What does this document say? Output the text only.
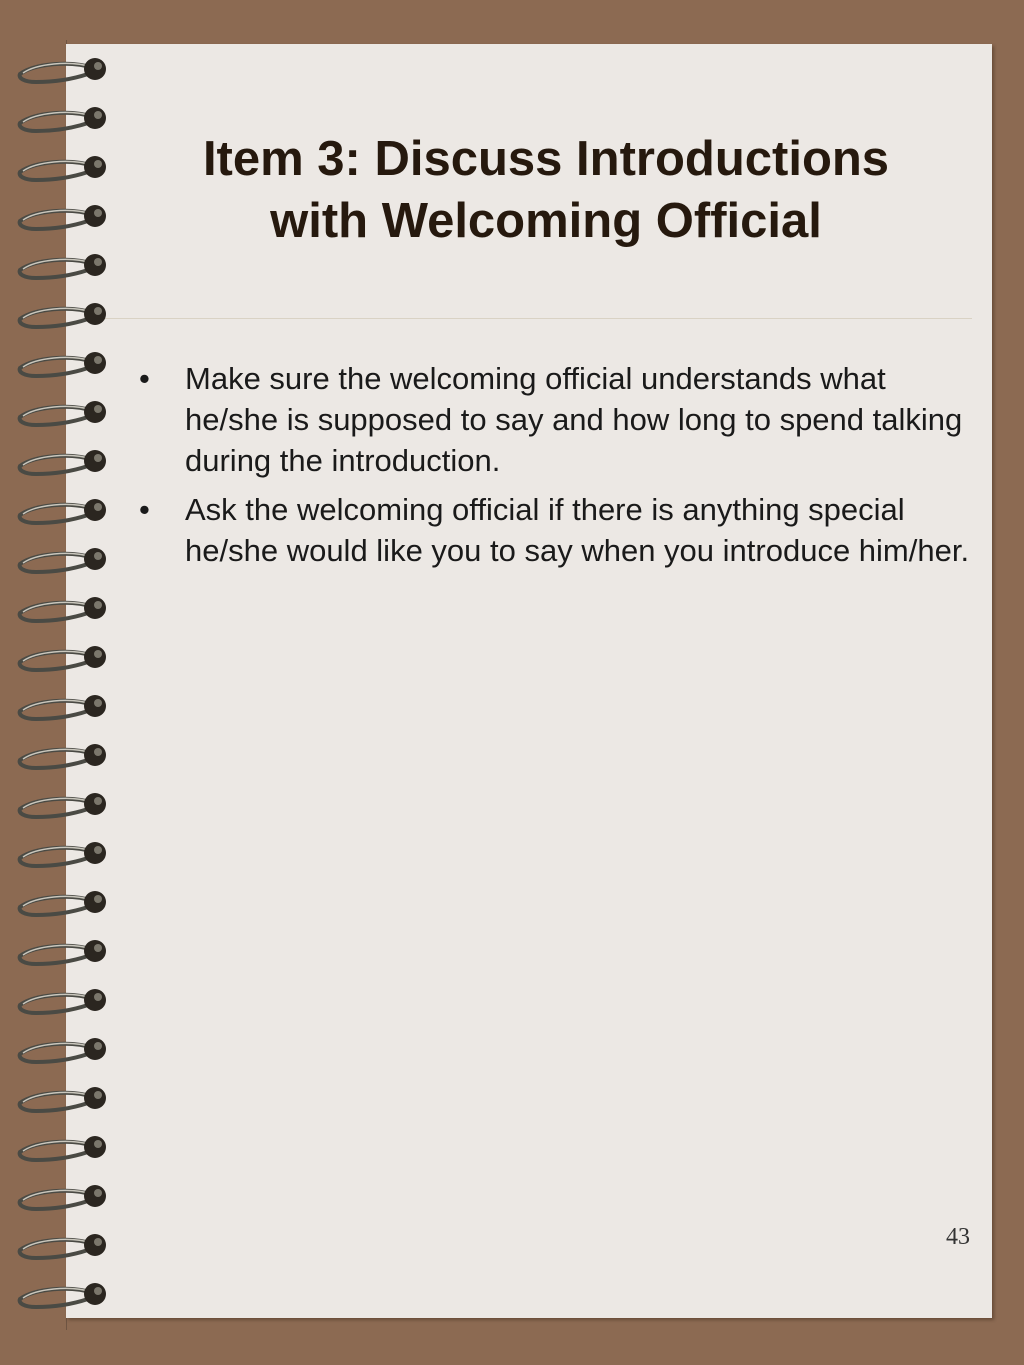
Item 3: Discuss Introductions
with Welcoming Official
• Make sure the welcoming official understands what he/she is supposed to say and how long to spend talking during the introduction.
• Ask the welcoming official if there is anything special he/she would like you to say when you introduce him/her.
43
